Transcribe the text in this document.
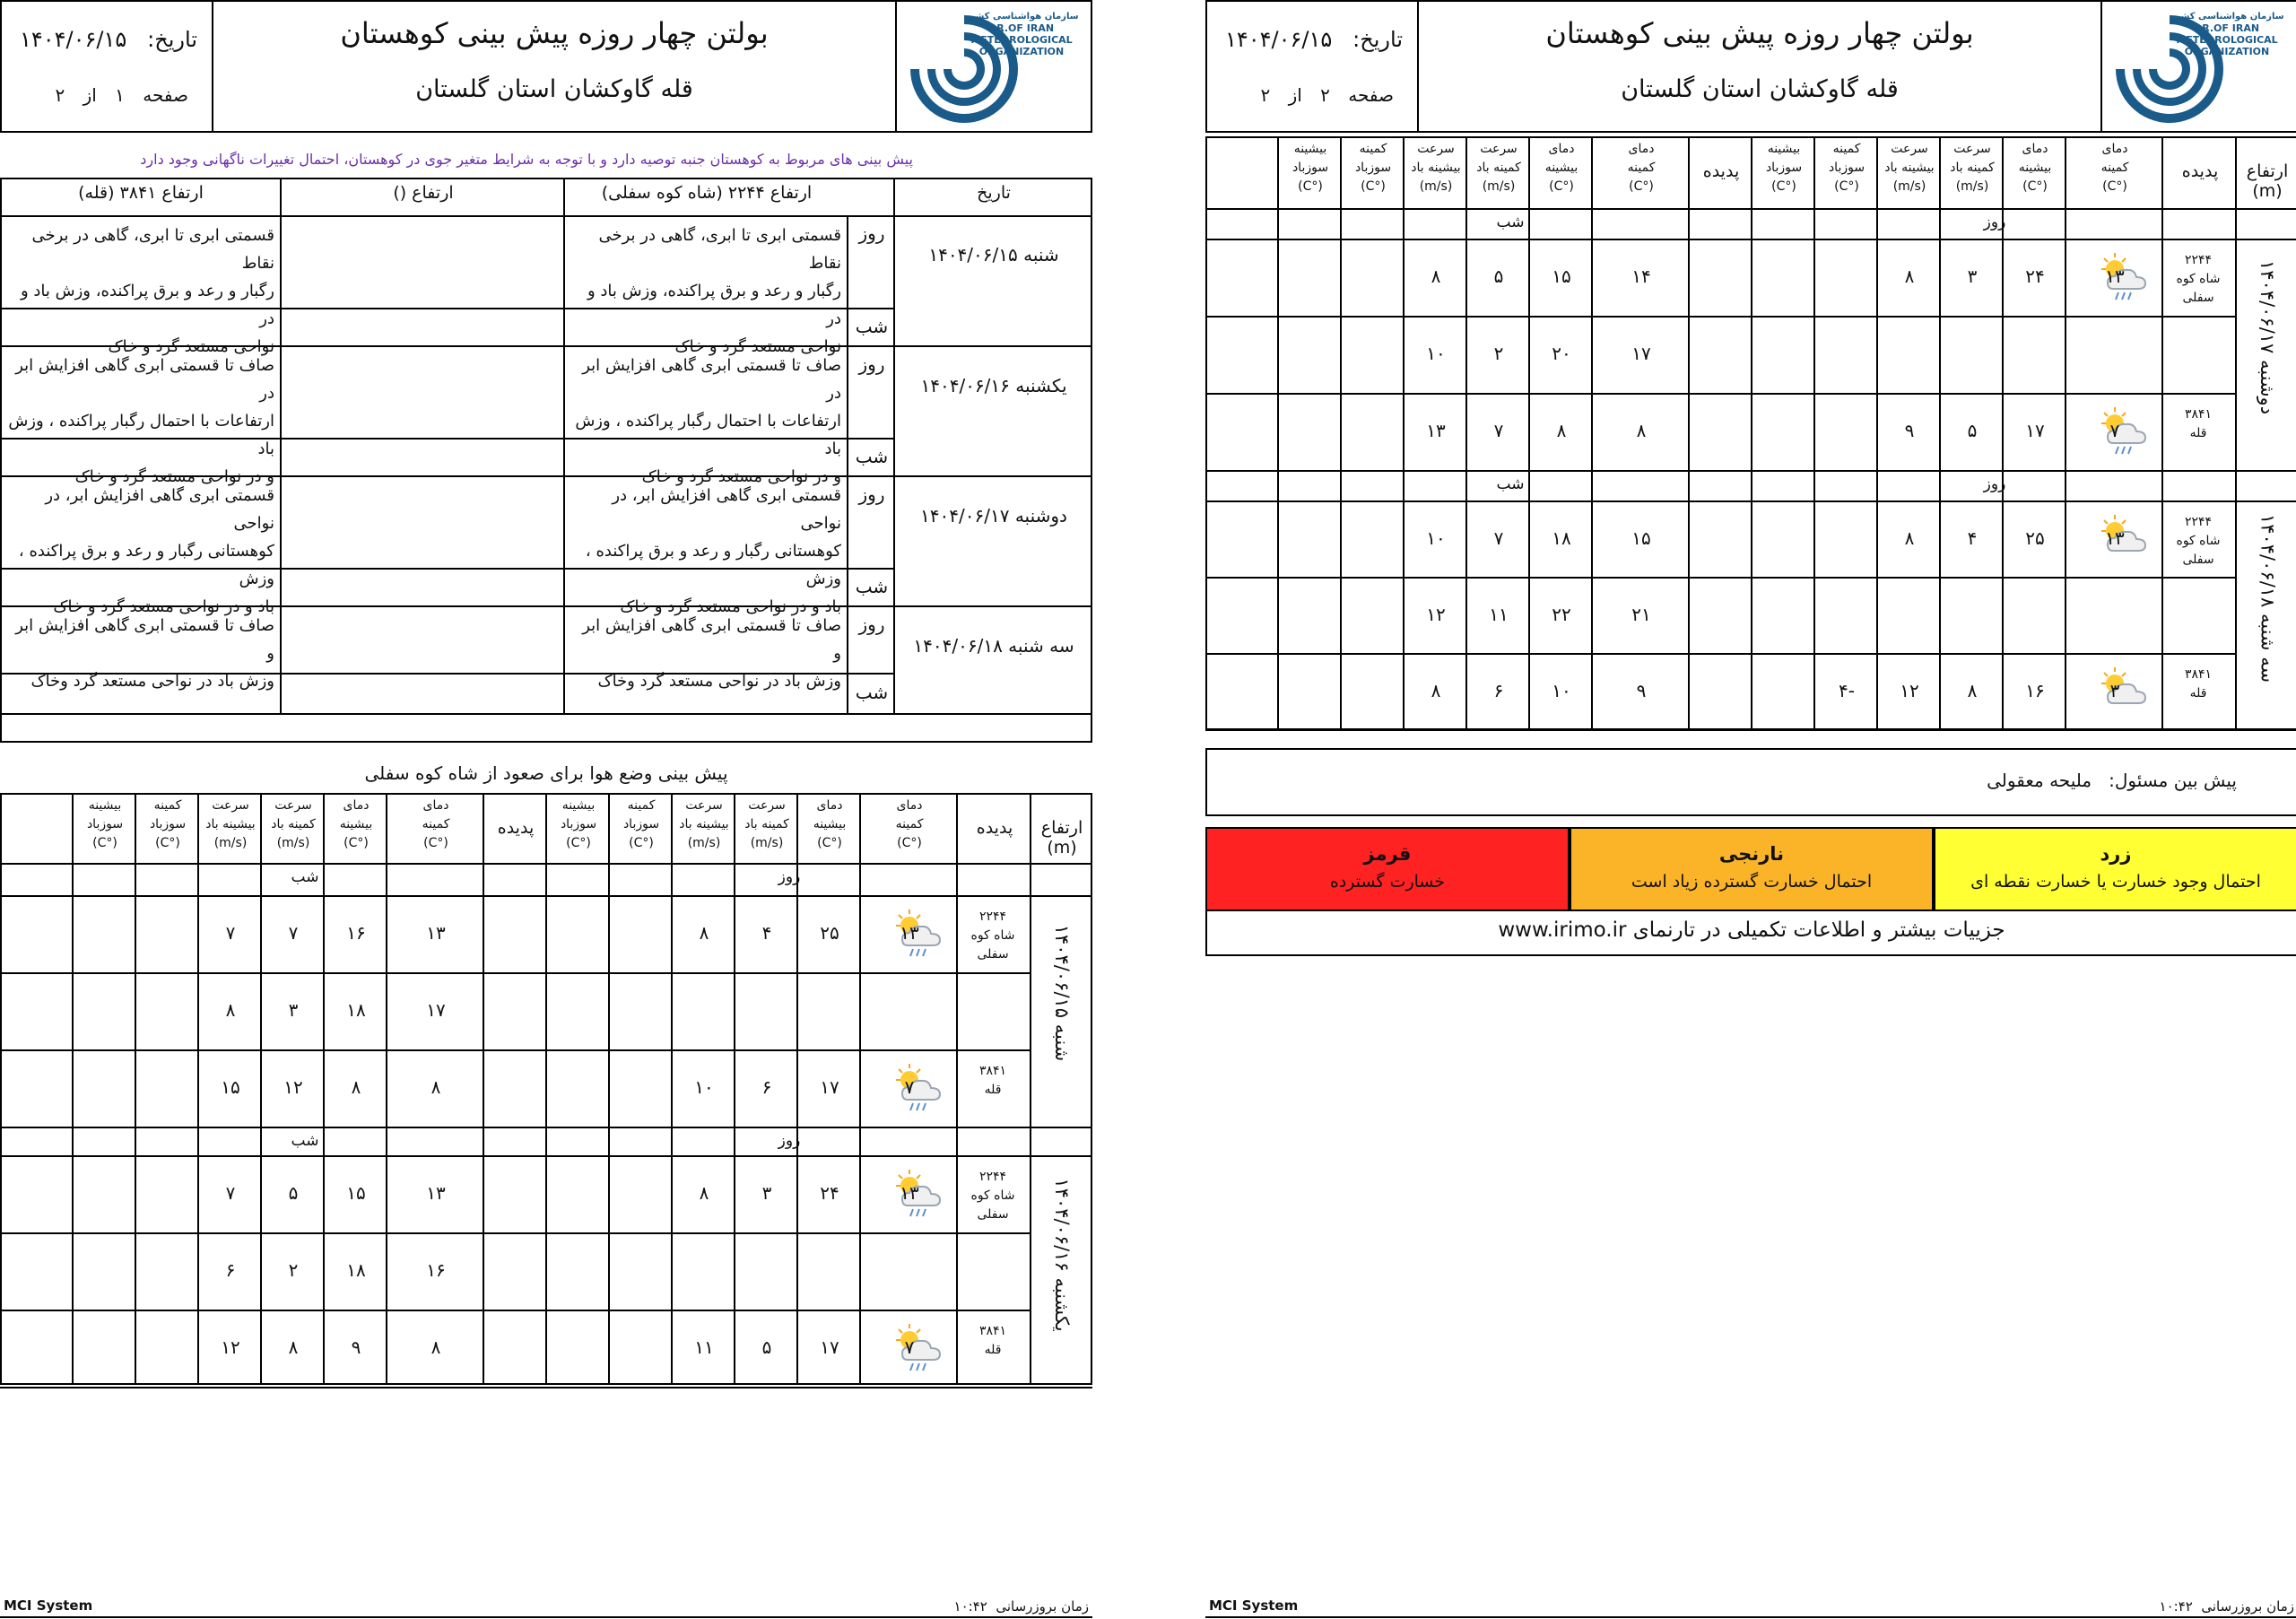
سازمان هواشناسی کشور
I.R.OF IRAN
METEOROLOGICAL
ORGANIZATION
بولتن چهار روزه پیش بینی کوهستان
قله گاوکشان استان گلستان
تاریخ:   ۱۴۰۴/۰۶/۱۵
صفحه ۱ از ۲
پیش بینی های مربوط به کوهستان جنبه توصیه دارد و با توجه به شرایط متغیر جوی در کوهستان، احتمال تغییرات ناگهانی وجود دارد
تاریخ
ارتفاع ۲۲۴۴ (شاه کوه سفلی)
ارتفاع ()
ارتفاع ۳۸۴۱ (قله)
شنبه ۱۴۰۴/۰۶/۱۵
روز
شب
قسمتی ابری تا ابری، گاهی در برخی نقاط
رگبار و رعد و برق پراکنده، وزش باد و در
نواحی مستعد گرد و خاک
قسمتی ابری تا ابری، گاهی در برخی نقاط
رگبار و رعد و برق پراکنده، وزش باد و در
نواحی مستعد گرد و خاک
یکشنبه ۱۴۰۴/۰۶/۱۶
روز
شب
صاف تا قسمتی ابری گاهی افزایش ابر در
ارتفاعات با احتمال رگبار پراکنده ، وزش باد
و در نواحی مستعد گرد و خاک
صاف تا قسمتی ابری گاهی افزایش ابر در
ارتفاعات با احتمال رگبار پراکنده ، وزش باد
و در نواحی مستعد گرد و خاک
دوشنبه ۱۴۰۴/۰۶/۱۷
روز
شب
قسمتی ابری گاهی افزایش ابر، در نواحی
کوهستانی رگبار و رعد و برق پراکنده ، وزش
باد و در نواحی مستعد گرد و خاک
قسمتی ابری گاهی افزایش ابر، در نواحی
کوهستانی رگبار و رعد و برق پراکنده ، وزش
باد و در نواحی مستعد گرد و خاک
سه شنبه ۱۴۰۴/۰۶/۱۸
روز
شب
صاف تا قسمتی ابری گاهی افزایش ابر و
وزش باد در نواحی مستعد گرد وخاک
صاف تا قسمتی ابری گاهی افزایش ابر و
وزش باد در نواحی مستعد گرد وخاک
پیش بینی وضع هوا برای صعود از شاه کوه سفلی
ارتفاع (m)
پدیده
دمای
کمینه
(°C)
دمای
بیشینه
(°C)
سرعت
کمینه باد
(m/s)
سرعت
بیشینه باد
(m/s)
کمینه
سوزباد
(°C)
بیشینه
سوزباد
(°C)
پدیده
دمای
کمینه
(°C)
دمای
بیشینه
(°C)
سرعت
کمینه باد
(m/s)
سرعت
بیشینه باد
(m/s)
کمینه
سوزباد
(°C)
بیشینه
سوزباد
(°C)
روز
شب
شنبه ۱۴۰۴/۰۶/۱۵
۲۲۴۴
شاه کوه سفلی
۳۸۴۱
قله
۱۳
۲۵
۴
۸
۱۳
۱۶
۷
۷
۱۷
۱۸
۳
۸
۷
۱۷
۶
۱۰
۸
۸
۱۲
۱۵
روز
شب
یکشنبه ۱۴۰۴/۰۶/۱۶
۲۲۴۴
شاه کوه سفلی
۳۸۴۱
قله
۱۳
۲۴
۳
۸
۱۳
۱۵
۵
۷
۱۶
۱۸
۲
۶
۷
۱۷
۵
۱۱
۸
۹
۸
۱۲
MCI System	زمان بروزرسانی  ۱۰:۴۲
سازمان هواشناسی کشور
I.R.OF IRAN
METEOROLOGICAL
ORGANIZATION
بولتن چهار روزه پیش بینی کوهستان
قله گاوکشان استان گلستان
تاریخ:   ۱۴۰۴/۰۶/۱۵
صفحه ۲ از ۲
ارتفاع (m)
پدیده
دمای
کمینه
(°C)
دمای
بیشینه
(°C)
سرعت
کمینه باد
(m/s)
سرعت
بیشینه باد
(m/s)
کمینه
سوزباد
(°C)
بیشینه
سوزباد
(°C)
پدیده
دمای
کمینه
(°C)
دمای
بیشینه
(°C)
سرعت
کمینه باد
(m/s)
سرعت
بیشینه باد
(m/s)
کمینه
سوزباد
(°C)
بیشینه
سوزباد
(°C)
روز
شب
دوشنبه ۱۴۰۴/۰۶/۱۷
۲۲۴۴
شاه کوه سفلی
۳۸۴۱
قله
۱۳
۲۴
۳
۸
۱۴
۱۵
۵
۸
۱۷
۲۰
۲
۱۰
۷
۱۷
۵
۹
۸
۸
۷
۱۳
روز
شب
سه شنبه ۱۴۰۴/۰۶/۱۸
۲۲۴۴
شاه کوه سفلی
۳۸۴۱
قله
۱۳
۲۵
۴
۸
۱۵
۱۸
۷
۱۰
۲۱
۲۲
۱۱
۱۲
۳
۱۶
۸
۱۲
-۴
۹
۱۰
۶
۸
پیش بین مسئول:   ملیحه معقولی
زرد
احتمال وجود خسارت یا خسارت نقطه ای
نارنجی
احتمال خسارت گسترده زیاد است
قرمز
خسارت گسترده
جزییات بیشتر و اطلاعات تکمیلی در تارنمای www.irimo.ir
MCI System	زمان بروزرسانی  ۱۰:۴۲
